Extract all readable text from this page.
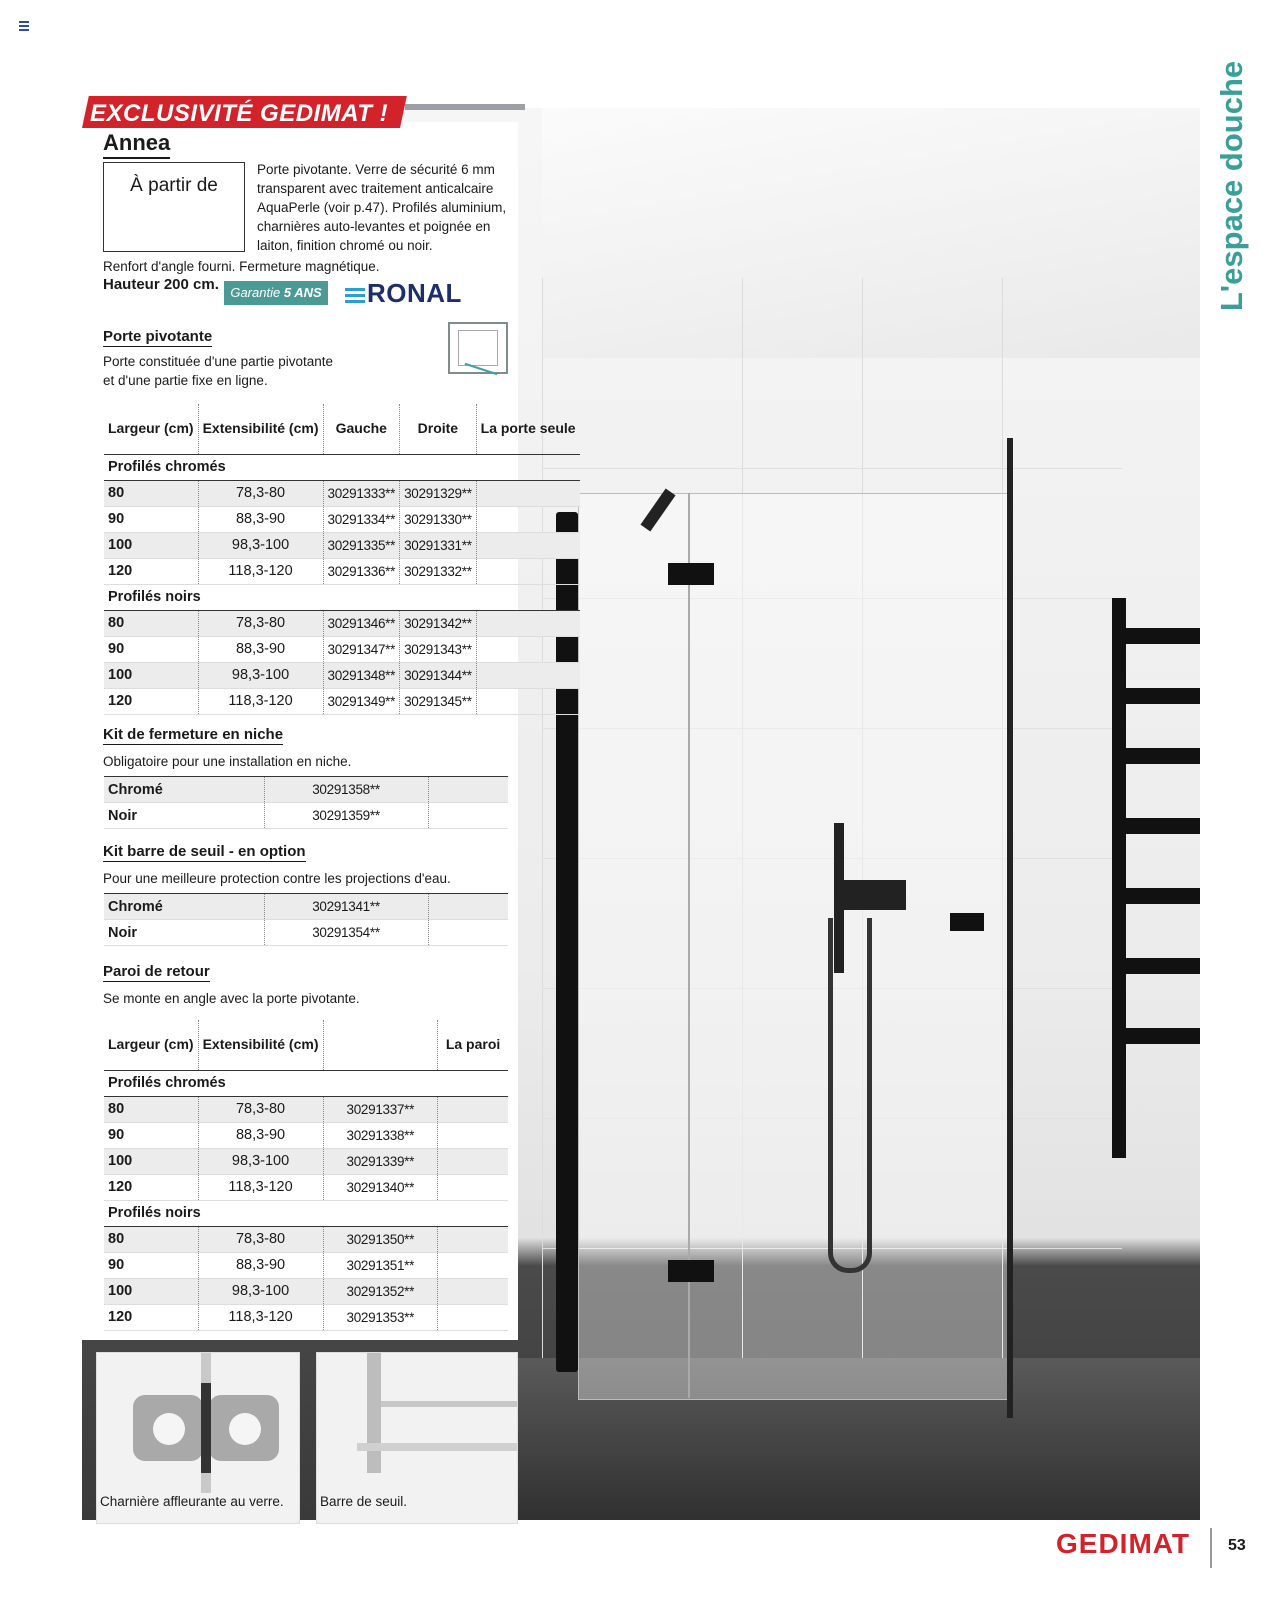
EXCLUSIVITÉ GEDIMAT !
Annea
À partir de
Porte pivotante. Verre de sécurité 6 mm transparent avec traitement anticalcaire AquaPerle (voir p.47). Profilés aluminium, charnières auto-levantes et poignée en laiton, finition chromé ou noir.
Renfort d'angle fourni. Fermeture magnétique.
Hauteur 200 cm. Garantie 5 ANS	RONAL
Porte pivotante
Porte constituée d'une partie pivotante et d'une partie fixe en ligne.
Largeur (cm)	Extensibilité (cm)	Gauche	Droite	La porte seule
Profilés chromés				
80	78,3-80	30291333**	30291329**	
90	88,3-90	30291334**	30291330**	
100	98,3-100	30291335**	30291331**	
120	118,3-120	30291336**	30291332**	
Profilés noirs				
80	78,3-80	30291346**	30291342**	
90	88,3-90	30291347**	30291343**	
100	98,3-100	30291348**	30291344**	
120	118,3-120	30291349**	30291345**	
Kit de fermeture en niche
Obligatoire pour une installation en niche.
Chromé	30291358**	
Noir	30291359**	
Kit barre de seuil - en option
Pour une meilleure protection contre les projections d'eau.
Chromé	30291341**	
Noir	30291354**	
Paroi de retour
Se monte en angle avec la porte pivotante.
Largeur (cm)	Extensibilité (cm)		La paroi
Profilés chromés			
80	78,3-80	30291337**	
90	88,3-90	30291338**	
100	98,3-100	30291339**	
120	118,3-120	30291340**	
Profilés noirs			
80	78,3-80	30291350**	
90	88,3-90	30291351**	
100	98,3-100	30291352**	
120	118,3-120	30291353**	
Charnière affleurante au verre.	Barre de seuil.
L'espace douche
GEDIMAT 53
